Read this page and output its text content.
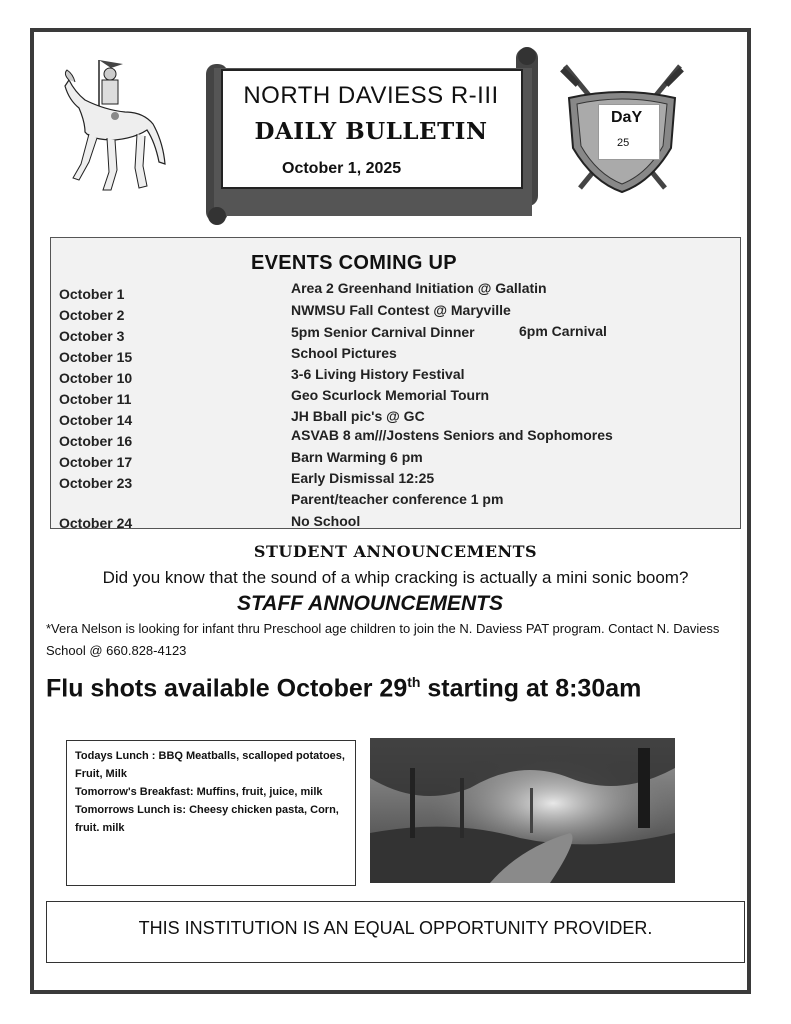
NORTH DAVIESS R-III
DAILY BULLETIN
October 1, 2025
DaY
25
EVENTS COMING UP
October 1	Area 2 Greenhand Initiation @ Gallatin
October 2	NWMSU Fall Contest @ Maryville
October 3	5pm Senior Carnival Dinner	6pm Carnival
October 15	School Pictures
October 10	3-6 Living History Festival
October 11	Geo Scurlock Memorial Tourn
October 14	JH Bball pic's @ GC
October 16	ASVAB 8 am///Jostens Seniors and Sophomores
October 17	Barn Warming 6 pm
October 23	Early Dismissal 12:25
Parent/teacher conference 1 pm
October 24	No School
STUDENT ANNOUNCEMENTS
Did you know that the sound of a whip cracking is actually a mini sonic boom?
STAFF ANNOUNCEMENTS
*Vera Nelson is looking for infant thru Preschool age children to join the N. Daviess PAT program. Contact N. Daviess School @ 660.828-4123
Flu shots available October 29th starting at 8:30am
Todays Lunch : BBQ Meatballs, scalloped potatoes, Fruit, Milk
Tomorrow's Breakfast: Muffins, fruit, juice, milk
Tomorrows Lunch is: Cheesy chicken pasta, Corn, fruit. milk
THIS INSTITUTION IS AN EQUAL OPPORTUNITY PROVIDER.
